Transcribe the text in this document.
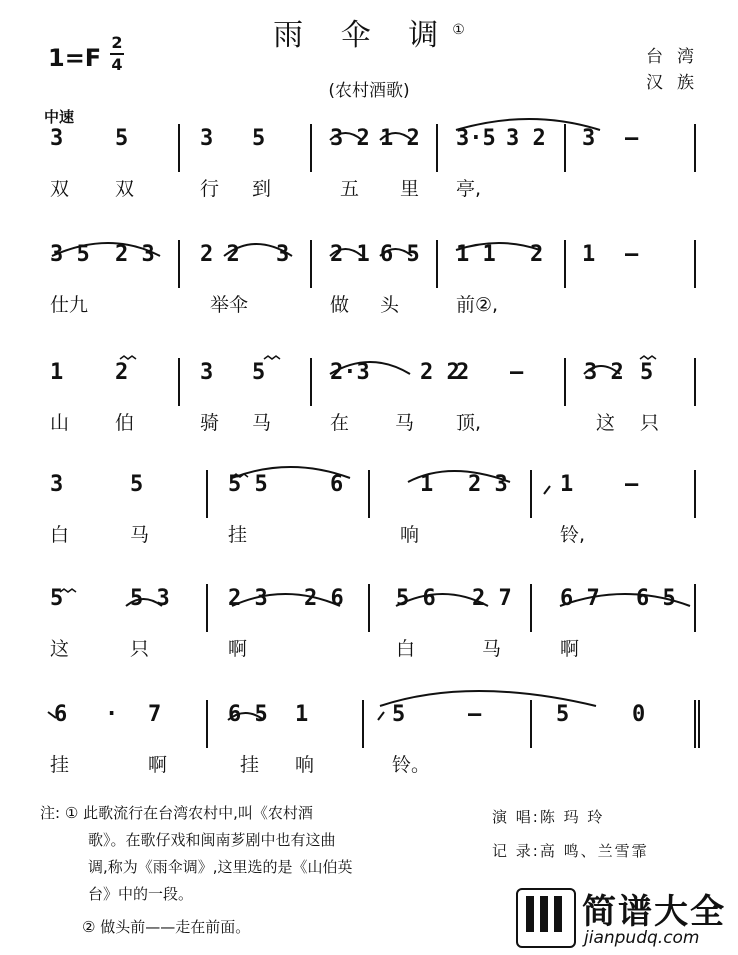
雨 伞 调①
1=F
2
4
(农村酒歌)
台湾
汉族
中速
3 5	3 5	3 2 1 2 3·5 3 2 3 –
双 双	行 到	五 里 亭,
3 5 2 3 2 2 3 2 1 6 5 1 1 2 1 –
仕九	举伞	做 头	前②,
1 2	3 5	2·3 2 2
2 –	3 2 5
山 伯	骑 马	在 马 顶,	这 只
3	5	5 5	6	1 2 3 1 –
白	马	挂	响	铃,
5	5 3	2 3 2 6 5 6 2 7 6 7 6 5
这	只	啊	白	马	啊
6 · 7	6 5 1	5	–	5	0
挂	啊	挂 响	铃。
注: ① 此歌流行在台湾农村中,叫《农村酒
歌》。在歌仔戏和闽南芗剧中也有这曲
调,称为《雨伞调》,这里选的是《山伯英
台》中的一段。
② 做头前——走在前面。
演 唱:陈 玛 玲
记 录:高 鸣、兰雪霏
简谱大全
jianpudq.com
